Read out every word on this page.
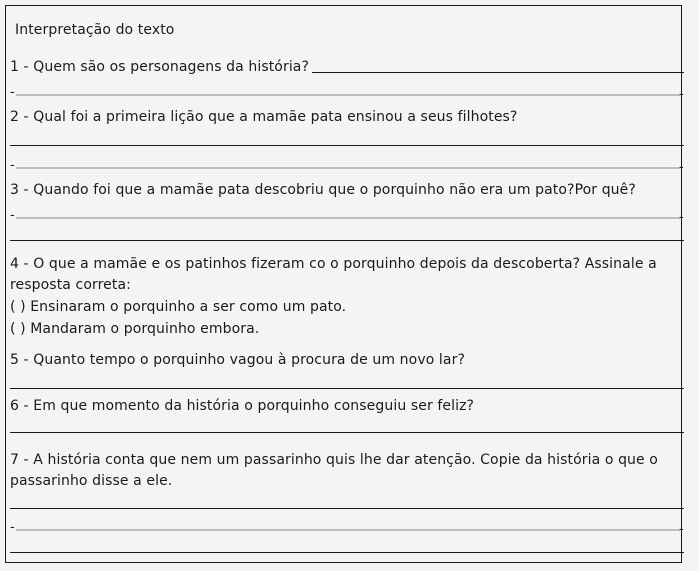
Interpretação do texto
1 - Quem são os personagens da história?
-	-
2 - Qual foi a primeira lição que a mamãe pata ensinou a seus filhotes?
-	-
3 - Quando foi que a mamãe pata descobriu que o porquinho não era um pato?Por quê?
-	-
4 - O que a mamãe e os patinhos fizeram co o porquinho depois da descoberta? Assinale a
resposta correta:
( ) Ensinaram o porquinho a ser como um pato.
( ) Mandaram o porquinho embora.
5 - Quanto tempo o porquinho vagou à procura de um novo lar?
6 - Em que momento da história o porquinho conseguiu ser feliz?
7 - A história conta que nem um passarinho quis lhe dar atenção. Copie da história o que o
passarinho disse a ele.
-	-
